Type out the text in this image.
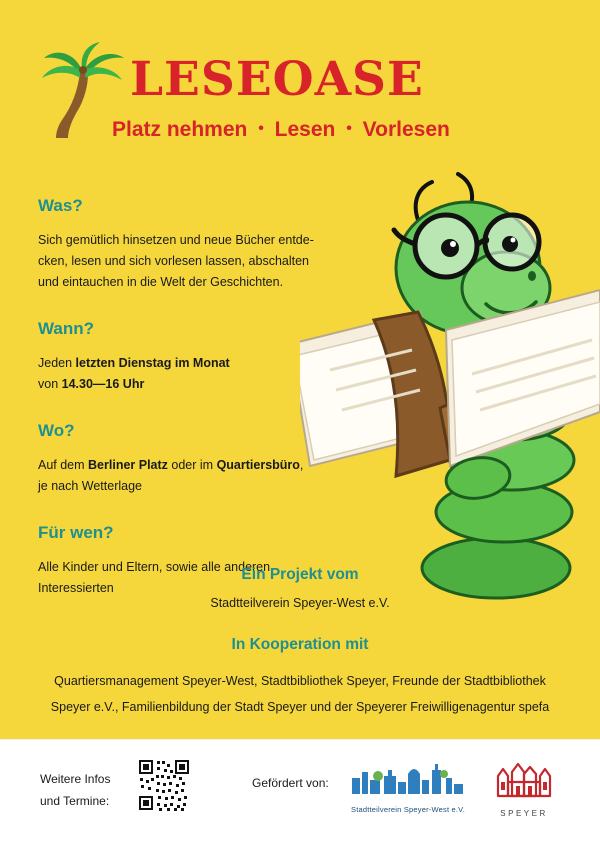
LESEOASE
Platz nehmen • Lesen • Vorlesen
Was?
Sich gemütlich hinsetzen und neue Bücher entde-
cken, lesen und sich vorlesen lassen, abschalten
und eintauchen in die Welt der Geschichten.
Wann?
Jeden letzten Dienstag im Monat
von 14.30—16 Uhr
Wo?
Auf dem Berliner Platz oder im Quartiersbüro,
je nach Wetterlage
Für wen?
Alle Kinder und Eltern, sowie alle anderen
Interessierten
Ein Projekt vom
Stadtteilverein Speyer-West e.V.
In Kooperation mit
Quartiersmanagement Speyer-West, Stadtbibliothek Speyer, Freunde der Stadtbibliothek
Speyer e.V., Familienbildung der Stadt Speyer und der Speyerer Freiwilligenagentur spefa
Weitere Infos
und Termine:
Gefördert von:
Stadtteilverein Speyer-West e.V.	SPEYER
